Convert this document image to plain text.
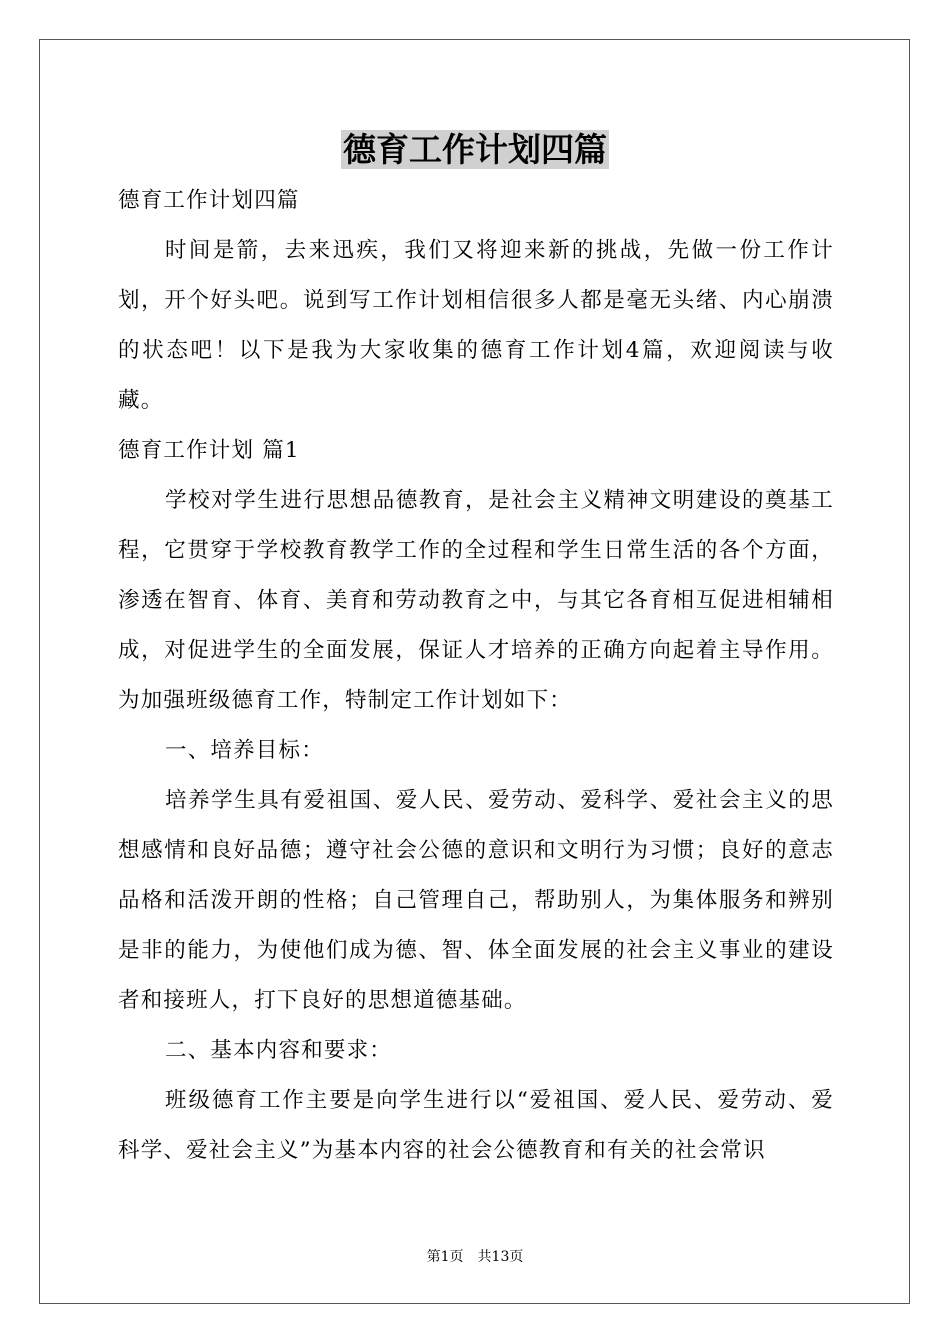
德育工作计划四篇

德育工作计划四篇

时间是箭，去来迅疾，我们又将迎来新的挑战，先做一份工作计划，开个好头吧。说到写工作计划相信很多人都是毫无头绪、内心崩溃的状态吧！以下是我为大家收集的德育工作计划4篇，欢迎阅读与收藏。

德育工作计划 篇1

学校对学生进行思想品德教育，是社会主义精神文明建设的奠基工程，它贯穿于学校教育教学工作的全过程和学生日常生活的各个方面，渗透在智育、体育、美育和劳动教育之中，与其它各育相互促进相辅相成，对促进学生的全面发展，保证人才培养的正确方向起着主导作用。为加强班级德育工作，特制定工作计划如下：

一、培养目标：

培养学生具有爱祖国、爱人民、爱劳动、爱科学、爱社会主义的思想感情和良好品德；遵守社会公德的意识和文明行为习惯；良好的意志品格和活泼开朗的性格；自己管理自己，帮助别人，为集体服务和辨别是非的能力，为使他们成为德、智、体全面发展的社会主义事业的建设者和接班人，打下良好的思想道德基础。

二、基本内容和要求：

班级德育工作主要是向学生进行以“爱祖国、爱人民、爱劳动、爱科学、爱社会主义”为基本内容的社会公德教育和有关的社会常识

第1页 共13页
